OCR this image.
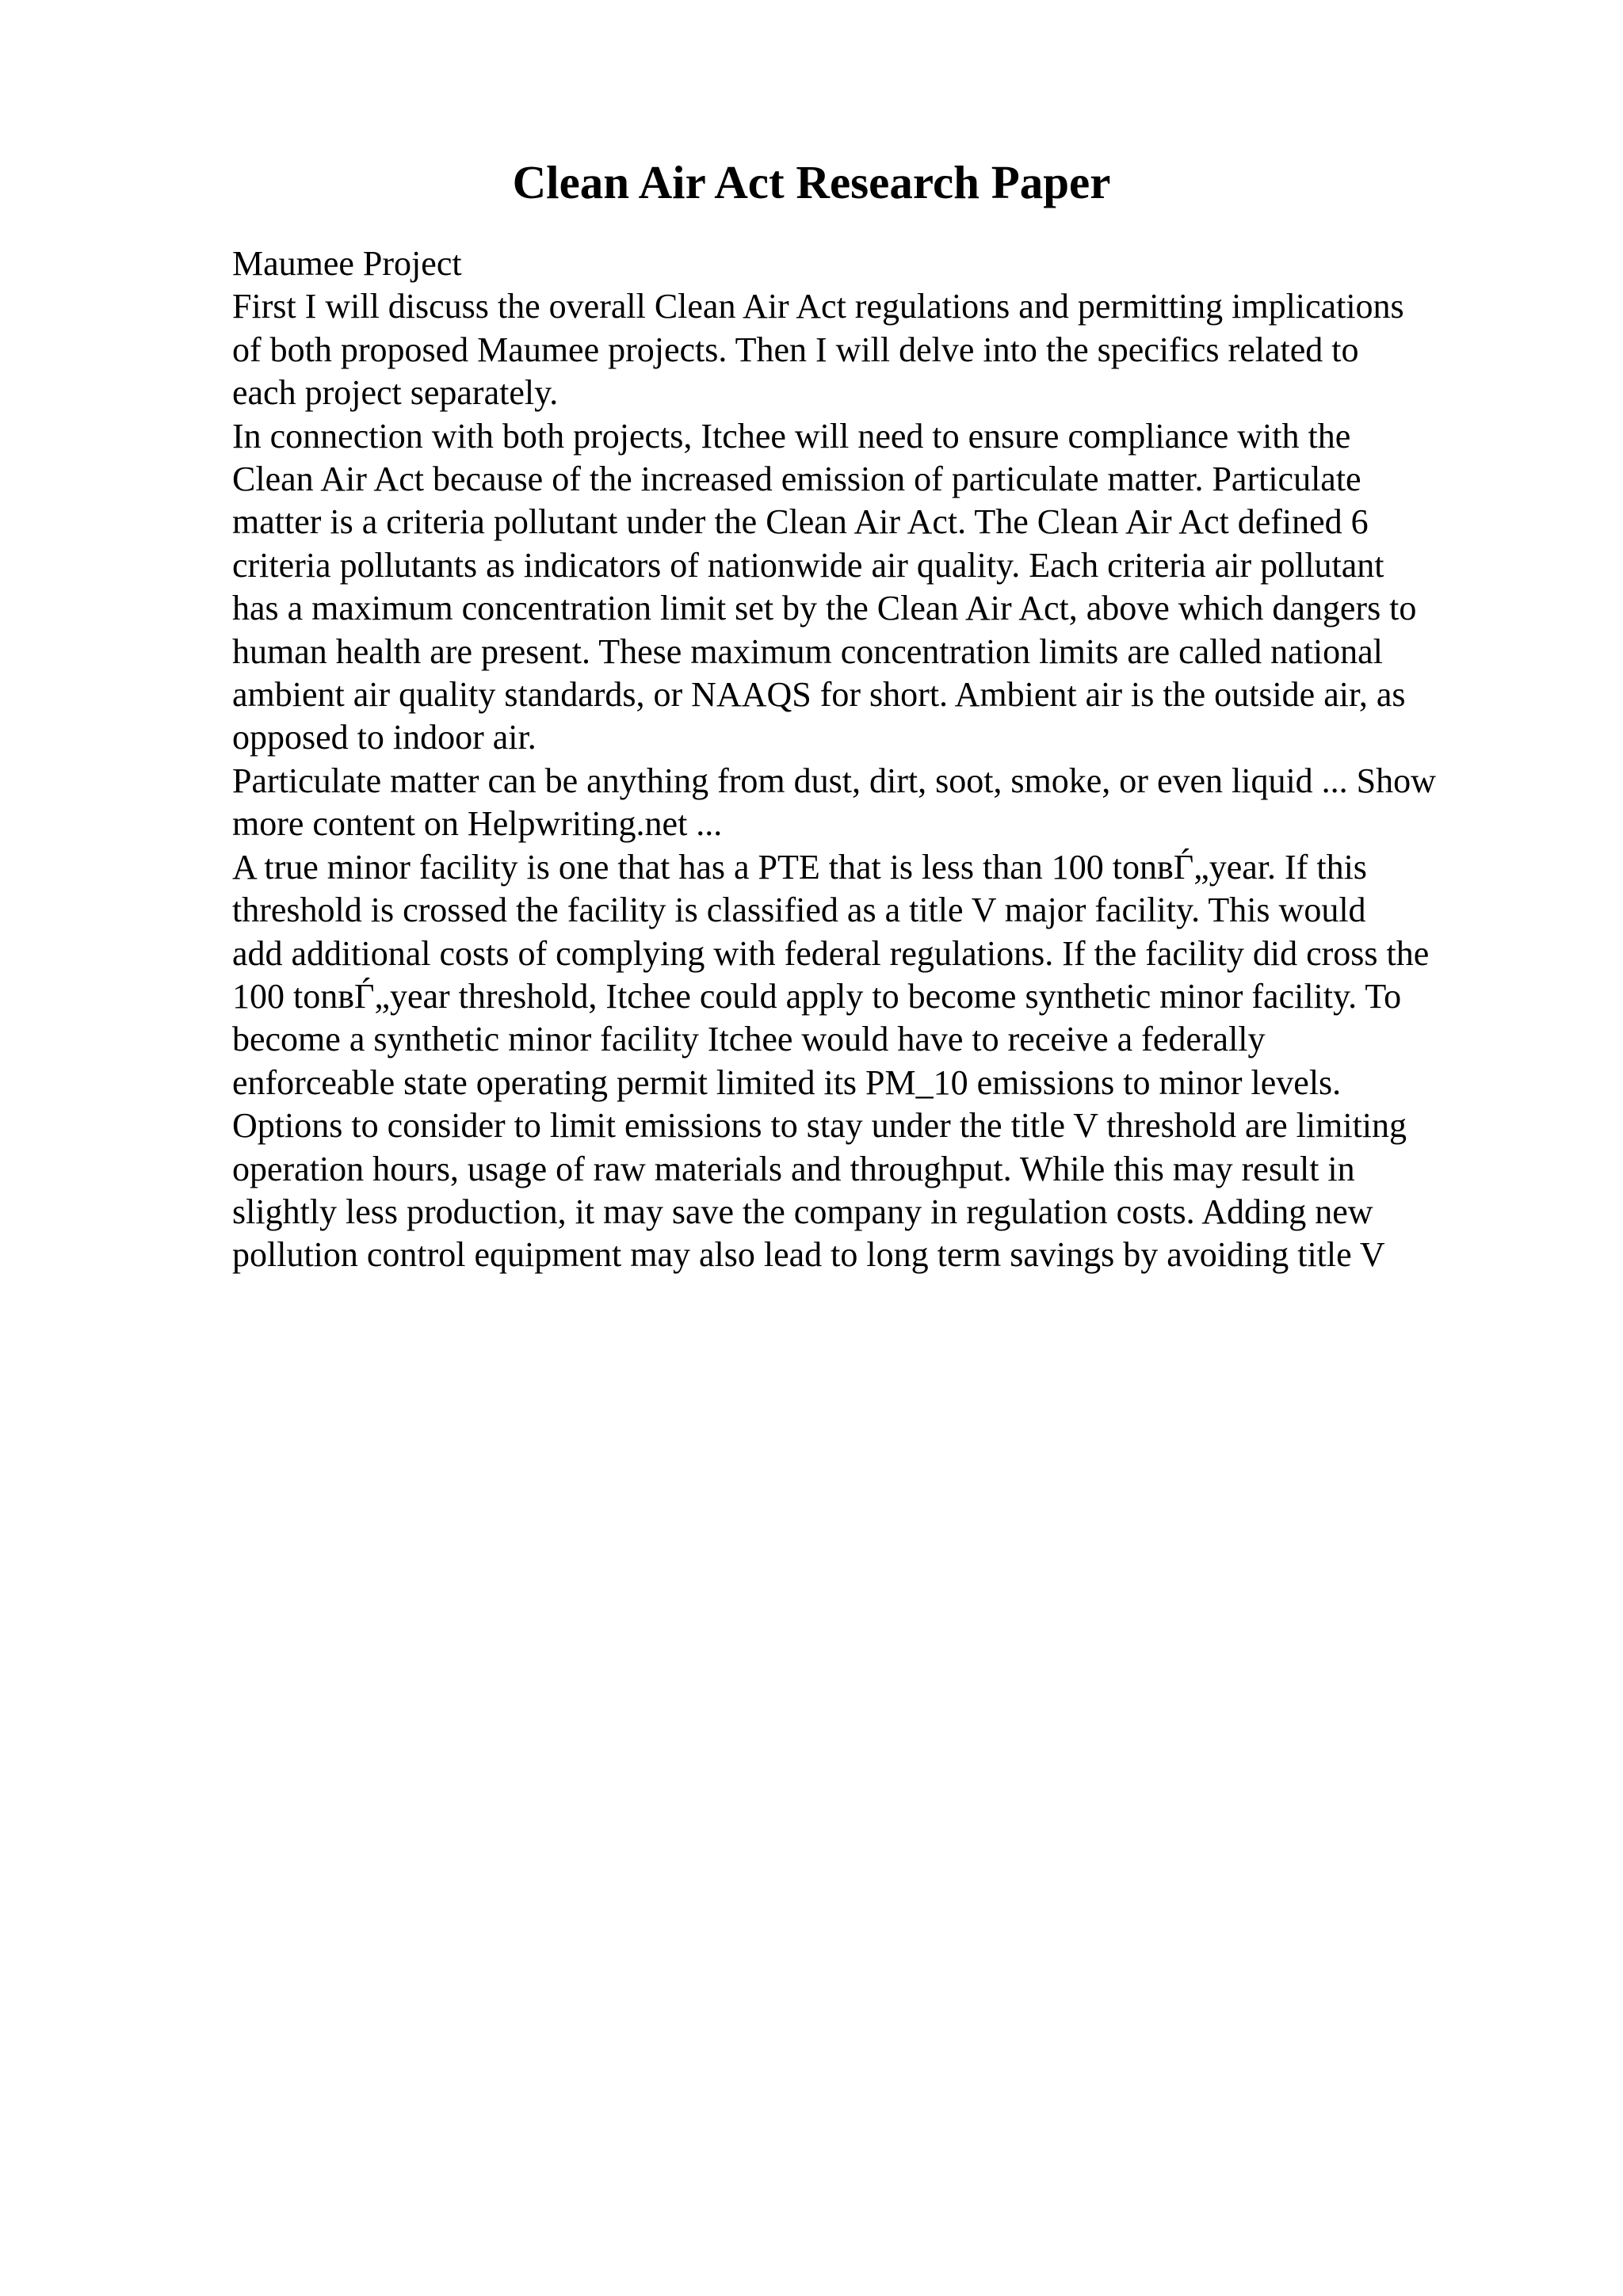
Clean Air Act Research Paper
Maumee Project
First I will discuss the overall Clean Air Act regulations and permitting implications
of both proposed Maumee projects. Then I will delve into the specifics related to
each project separately.
In connection with both projects, Itchee will need to ensure compliance with the
Clean Air Act because of the increased emission of particulate matter. Particulate
matter is a criteria pollutant under the Clean Air Act. The Clean Air Act defined 6
criteria pollutants as indicators of nationwide air quality. Each criteria air pollutant
has a maximum concentration limit set by the Clean Air Act, above which dangers to
human health are present. These maximum concentration limits are called national
ambient air quality standards, or NAAQS for short. Ambient air is the outside air, as
opposed to indoor air.
Particulate matter can be anything from dust, dirt, soot, smoke, or even liquid ... Show
more content on Helpwriting.net ...
A true minor facility is one that has a PTE that is less than 100 tonвЃ„year. If this
threshold is crossed the facility is classified as a title V major facility. This would
add additional costs of complying with federal regulations. If the facility did cross the
100 tonвЃ„year threshold, Itchee could apply to become synthetic minor facility. To
become a synthetic minor facility Itchee would have to receive a federally
enforceable state operating permit limited its PM_10 emissions to minor levels.
Options to consider to limit emissions to stay under the title V threshold are limiting
operation hours, usage of raw materials and throughput. While this may result in
slightly less production, it may save the company in regulation costs. Adding new
pollution control equipment may also lead to long term savings by avoiding title V
